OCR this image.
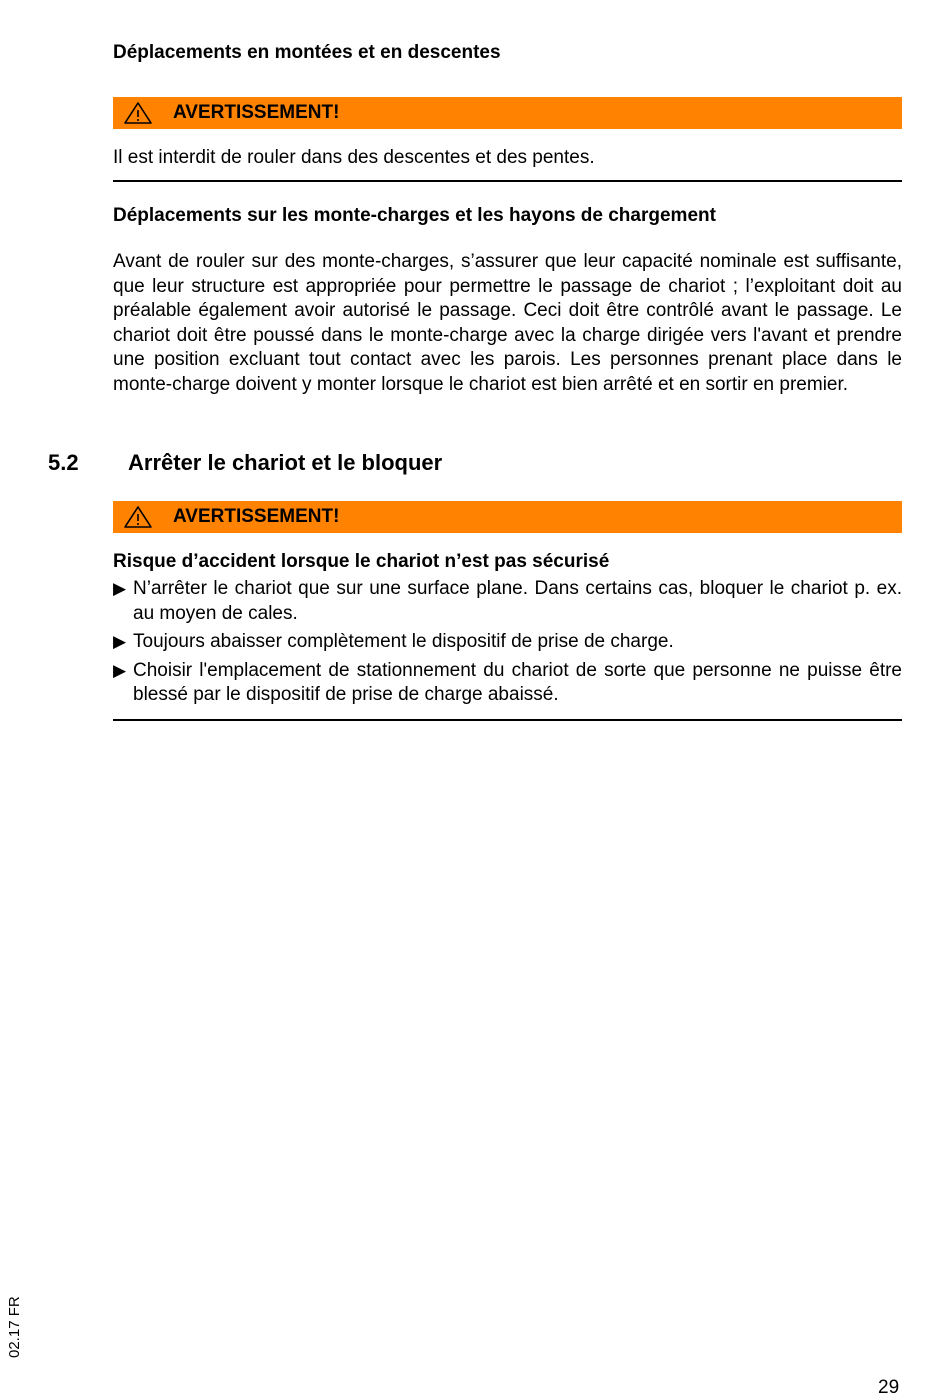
Déplacements en montées et en descentes
AVERTISSEMENT!

Il est interdit de rouler dans des descentes et des pentes.

Déplacements sur les monte-charges et les hayons de chargement

Avant de rouler sur des monte-charges, s’assurer que leur capacité nominale est suffisante, que leur structure est appropriée pour permettre le passage de chariot ; l’exploitant doit au préalable également avoir autorisé le passage. Ceci doit être contrôlé avant le passage. Le chariot doit être poussé dans le monte-charge avec la charge dirigée vers l'avant et prendre une position excluant tout contact avec les parois. Les personnes prenant place dans le monte-charge doivent y monter lorsque le chariot est bien arrêté et en sortir en premier.

5.2 Arrêter le chariot et le bloquer
AVERTISSEMENT!
Risque d’accident lorsque le chariot n’est pas sécurisé
▶ N’arrêter le chariot que sur une surface plane. Dans certains cas, bloquer le chariot p. ex. au moyen de cales.
▶ Toujours abaisser complètement le dispositif de prise de charge.
▶ Choisir l'emplacement de stationnement du chariot de sorte que personne ne puisse être blessé par le dispositif de prise de charge abaissé.
02.17 FR
29
